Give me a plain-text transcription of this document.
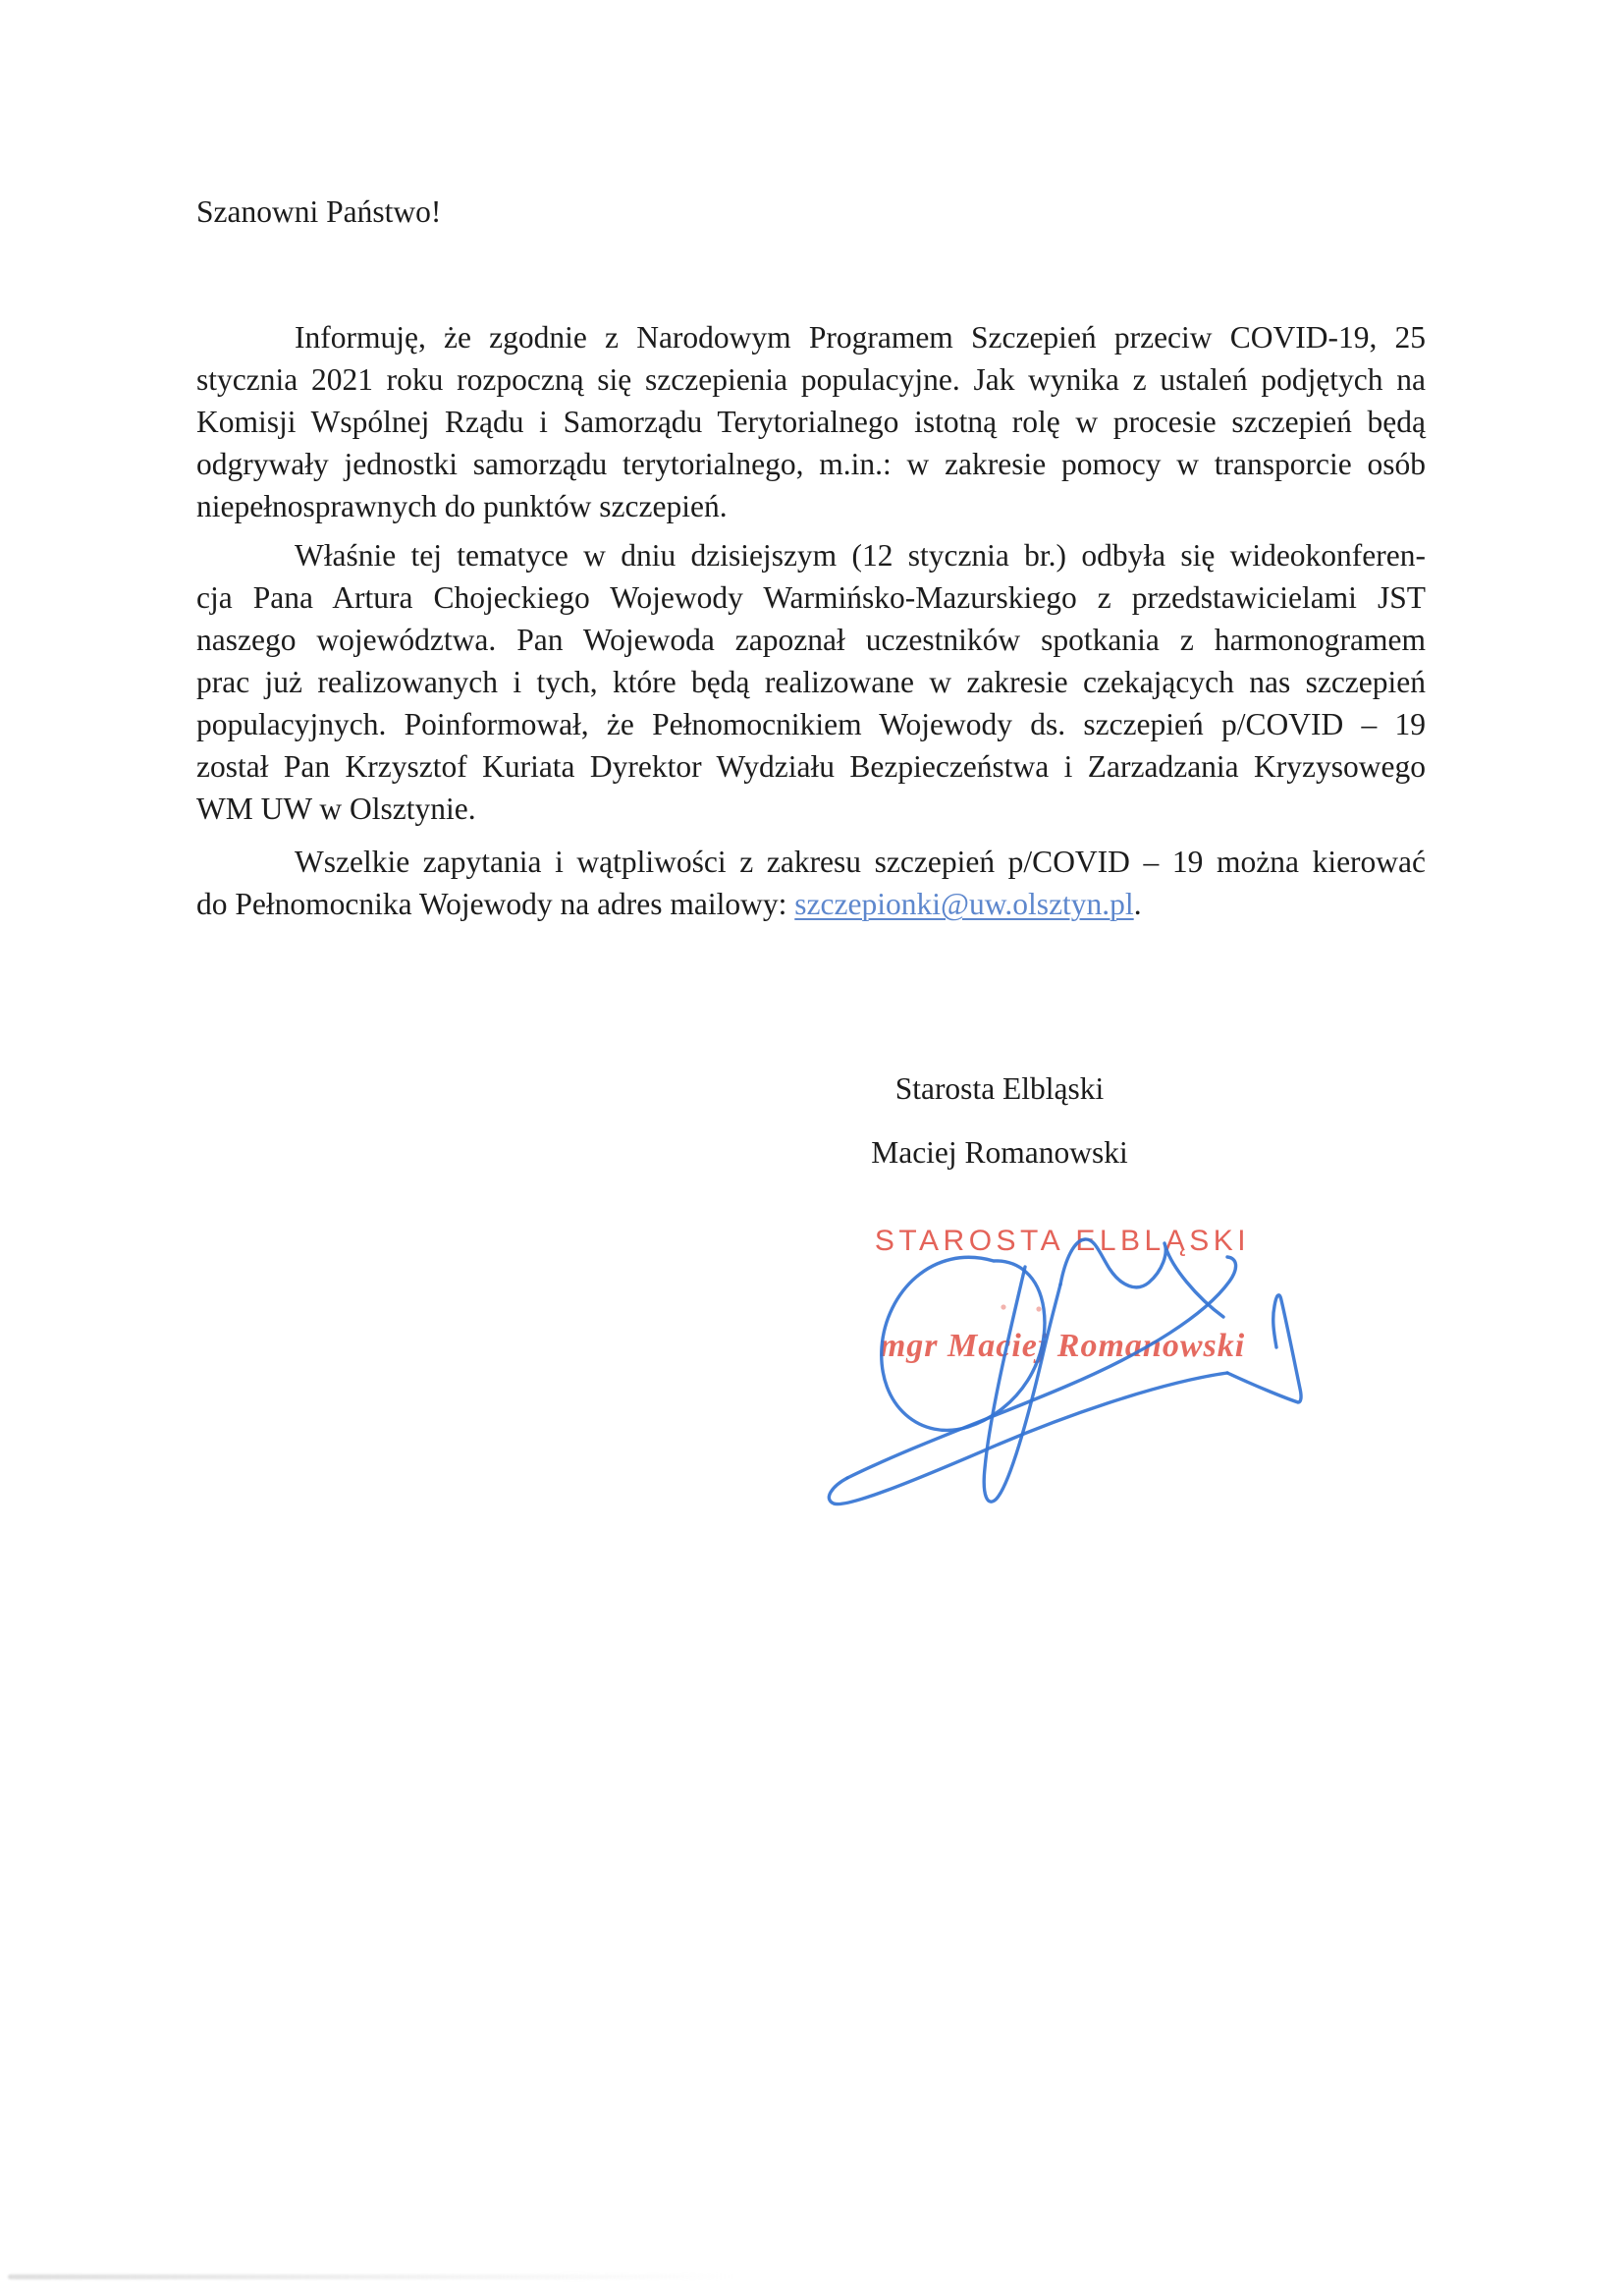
Szanowni Państwo!
Informuję, że zgodnie z Narodowym Programem Szczepień przeciw COVID-19, 25
stycznia 2021 roku rozpoczną się szczepienia populacyjne. Jak wynika z ustaleń podjętych na
Komisji Wspólnej Rządu i Samorządu Terytorialnego istotną rolę w procesie szczepień będą
odgrywały jednostki samorządu terytorialnego, m.in.: w zakresie pomocy w transporcie osób
niepełnosprawnych do punktów szczepień.
Właśnie tej tematyce w dniu dzisiejszym (12 stycznia br.) odbyła się wideokonferen-
cja Pana Artura Chojeckiego Wojewody Warmińsko-Mazurskiego z przedstawicielami JST
naszego województwa. Pan Wojewoda zapoznał uczestników spotkania z harmonogramem
prac już realizowanych i tych, które będą realizowane w zakresie czekających nas szczepień
populacyjnych. Poinformował, że Pełnomocnikiem Wojewody ds. szczepień p/COVID – 19
został Pan Krzysztof Kuriata Dyrektor Wydziału Bezpieczeństwa i Zarzadzania Kryzysowego
WM UW w Olsztynie.
Wszelkie zapytania i wątpliwości z zakresu szczepień p/COVID – 19 można kierować
do Pełnomocnika Wojewody na adres mailowy: szczepionki@uw.olsztyn.pl.
Starosta Elbląski
Maciej Romanowski
STAROSTA ELBLĄSKI
mgr Maciej Romanowski
